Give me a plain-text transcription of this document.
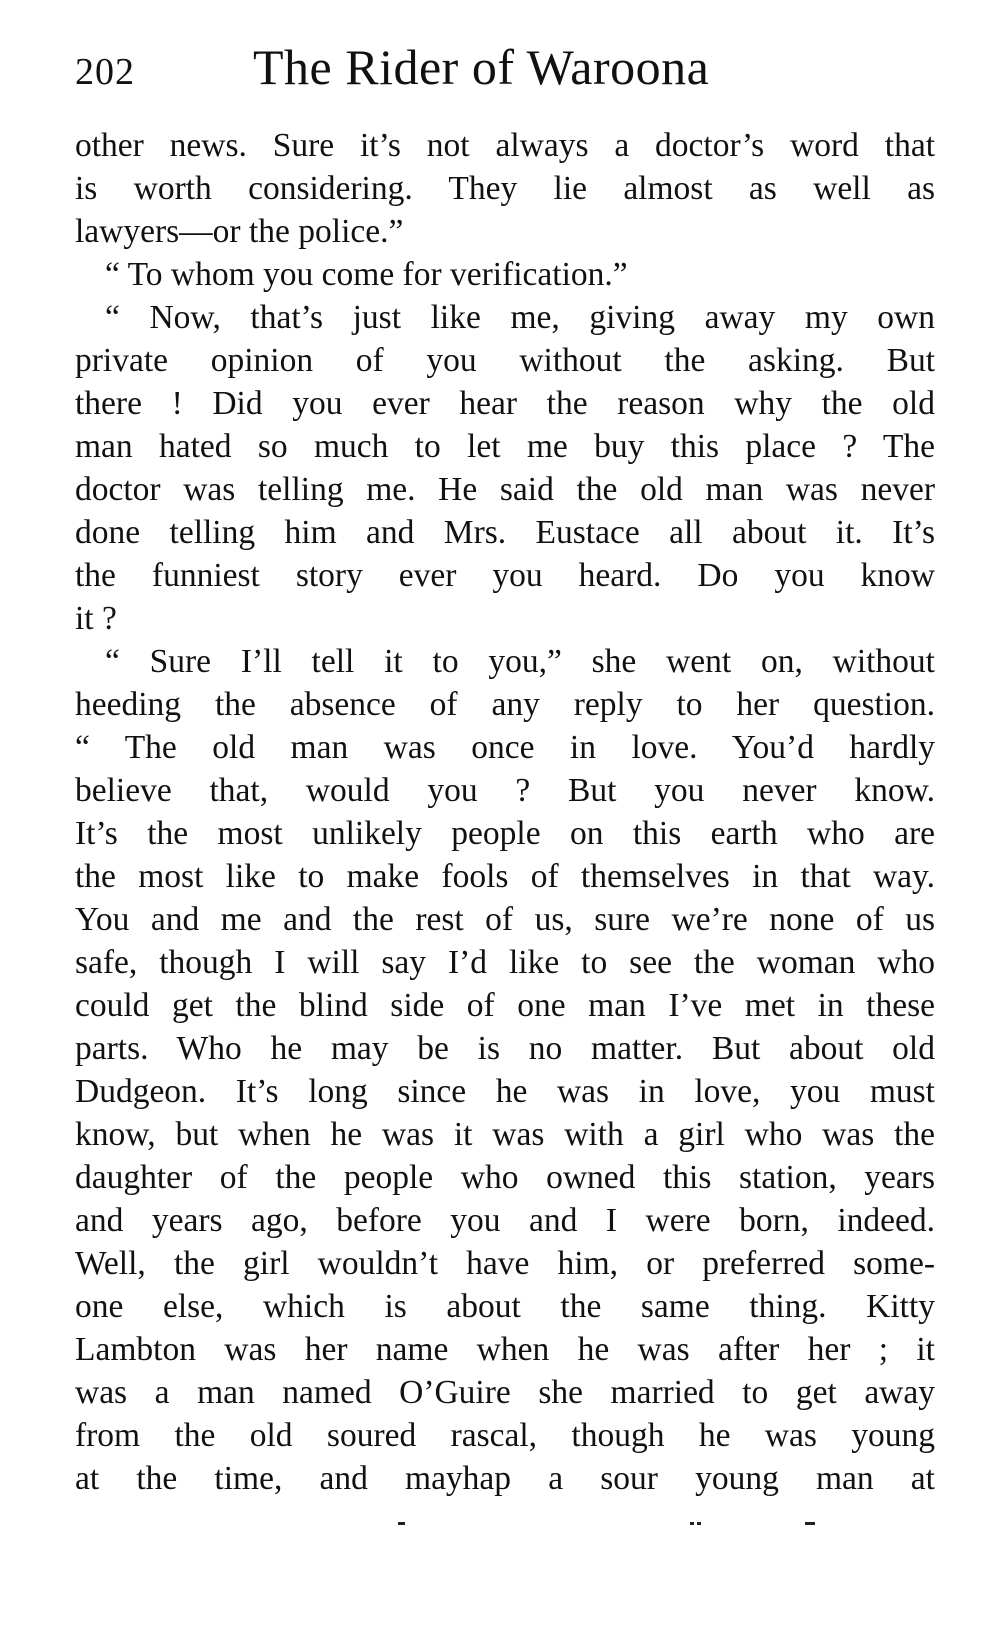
202 The Rider of Waroona
other news. Sure it’s not always a doctor’s word that
is worth considering. They lie almost as well as
lawyers—or the police.”
“ To whom you come for verification.”
“ Now, that’s just like me, giving away my own
private opinion of you without the asking. But
there ! Did you ever hear the reason why the old
man hated so much to let me buy this place ? The
doctor was telling me. He said the old man was never
done telling him and Mrs. Eustace all about it. It’s
the funniest story ever you heard. Do you know
it ?
“ Sure I’ll tell it to you,” she went on, without
heeding the absence of any reply to her question.
“ The old man was once in love. You’d hardly
believe that, would you ? But you never know.
It’s the most unlikely people on this earth who are
the most like to make fools of themselves in that way.
You and me and the rest of us, sure we’re none of us
safe, though I will say I’d like to see the woman who
could get the blind side of one man I’ve met in these
parts. Who he may be is no matter. But about old
Dudgeon. It’s long since he was in love, you must
know, but when he was it was with a girl who was the
daughter of the people who owned this station, years
and years ago, before you and I were born, indeed.
Well, the girl wouldn’t have him, or preferred some-
one else, which is about the same thing. Kitty
Lambton was her name when he was after her ; it
was a man named O’Guire she married to get away
from the old soured rascal, though he was young
at the time, and mayhap a sour young man at
